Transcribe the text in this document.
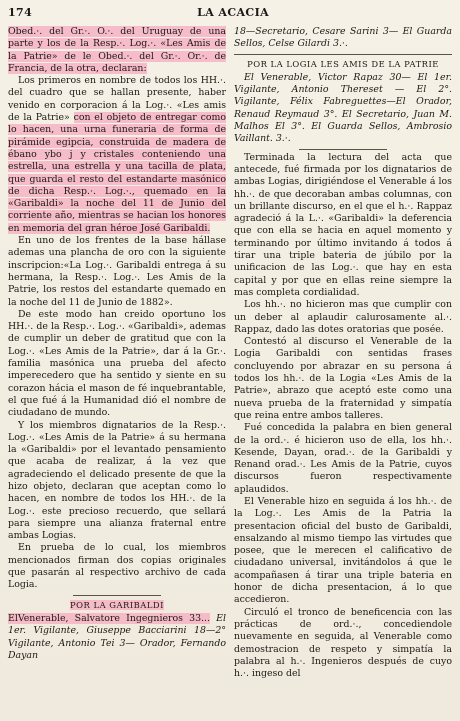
174	LA ACACIA

Obed.·. del Gr.·. O.·. del Uruguay de una parte y los de la Resp.·. Log.·. «Les Amis de la Patrie» de le Obed.·. del Gr.·. Or.·. de Francia, de la otra, declaran:

Los primeros en nombre de todos los HH.·. del cuadro que se hallan presente, haber venido en corporacion á la Log.·. «Les amis de la Patrie» con el objeto de entregar como lo hacen, una urna funeraria de forma de pirámide egipcia, construida de madera de ébano ybo j y cristales conteniendo una estrella, una estrella y una tacilla de plata, que guarda el resto del estandarte masónico de dicha Resp.·. Log.·., quemado en la «Garibaldi» la noche del 11 de Junio del corriente año, mientras se hacian los honores en memoria del gran héroe José Garibaldi.

En uno de los frentes de la base hállase ademas una plancha de oro con la siguiente inscripcion:«La Log.·. Garibaldi entrega á su hermana, la Resp.·. Log.·. Les Amis de la Patrie, los restos del estandarte quemado en la noche del 11 de Junio de 1882».

De este modo han creido oportuno los HH.·. de la Resp.·. Log.·. «Garibaldi», ademas de cumplir un deber de gratitud que con la Log.·. «Les Amis de la Patrie», dar á la Gr.·. familia masónica una prueba del afecto imperecedero que ha sentido y siente en su corazon hácia el mason de fé inquebrantable, el que fué á la Humanidad dió el nombre de ciudadano de mundo.

Y los miembros dignatarios de la Resp.·. Log.·. «Les Amis de la Patrie» á su hermana la «Garibaldi» por el levantado pensamiento que acaba de realizar, á la vez que agradeciendo el delicado presente de que la hizo objeto, declaran que aceptan como lo hacen, en nombre de todos los HH.·. de la Log.·. este precioso recuerdo, que sellará para siempre una alianza fraternal entre ambas Logias.

En prueba de lo cual, los miembros mencionados firman dos copias originales que pasarán al respectivo archivo de cada Logia.

POR LA GARIBALDI

ElVenerable, Salvatore Ingegnieros 33... El 1er. Vigilante, Giuseppe Bacciarini 18—2° Vigilante, Antonio Tei 3— Orador, Fernando Dayan

18—Secretario, Cesare Sarini 3— El Guarda Sellos, Celse Gilardi 3.·.

POR LA LOGIA LES AMIS DE LA PATRIE

El Venerable, Victor Rapaz 30— El 1er. Vigilante, Antonio Thereset — El 2°. Vigilante, Félix Fabreguettes—El Orador, Renaud Reymaud 3°. El Secretario, Juan M. Malhos El 3°. El Guarda Sellos, Ambrosio Vaillant. 3.·.

Terminada la lectura del acta que antecede, fué firmada por los dignatarios de ambas Logias, dirigiéndose el Venerable á los hh.·. de que decoraban ambas columnas, con un brillante discurso, en el que el h.·. Rappaz agradeció á la L.·. «Garibaldi» la deferencia que con ella se hacia en aquel momento y terminando por último invitando á todos á tirar una triple bateria de júbilo por la unificacion de las Log.·. que hay en esta capital y por que en ellas reine siempre la mas completa cordialidad.

Los hh.·. no hicieron mas que cumplir con un deber al aplaudir calurosamente al.·. Rappaz, dado las dotes oratorias que posée.

Contestó al discurso el Venerable de la Logia Garibaldi con sentidas frases concluyendo por abrazar en su persona á todos los hh.·. de la Logia «Les Amis de la Patrie», abrazo que aceptó este como una nueva prueba de la fraternidad y simpatía que reina entre ambos talleres.

Fué concedida la palabra en bien general de la ord.·. é hicieron uso de ella, los hh.·. Kesende, Dayan, orad.·. de la Garibaldi y Renand orad.·. Les Amis de la Patrie, cuyos discursos fueron respectivamente aplaudidos.

El Venerable hizo en seguida á los hh.·. de la Log.·. Les Amis de la Patria la presentacion oficial del busto de Garibaldi, ensalzando al mismo tiempo las virtudes que posee, que le merecen el calificativo de ciudadano universal, invitándolos á que le acompañasen á tirar una triple bateria en honor de dicha presentacion, á lo que accedieron.

Circuló el tronco de beneficencia con las prácticas de ord.·., concediendole nuevamente en seguida, al Venerable como demostracion de respeto y simpatía la palabra al h.·. Ingenieros después de cuyo h.·. ingeso del
